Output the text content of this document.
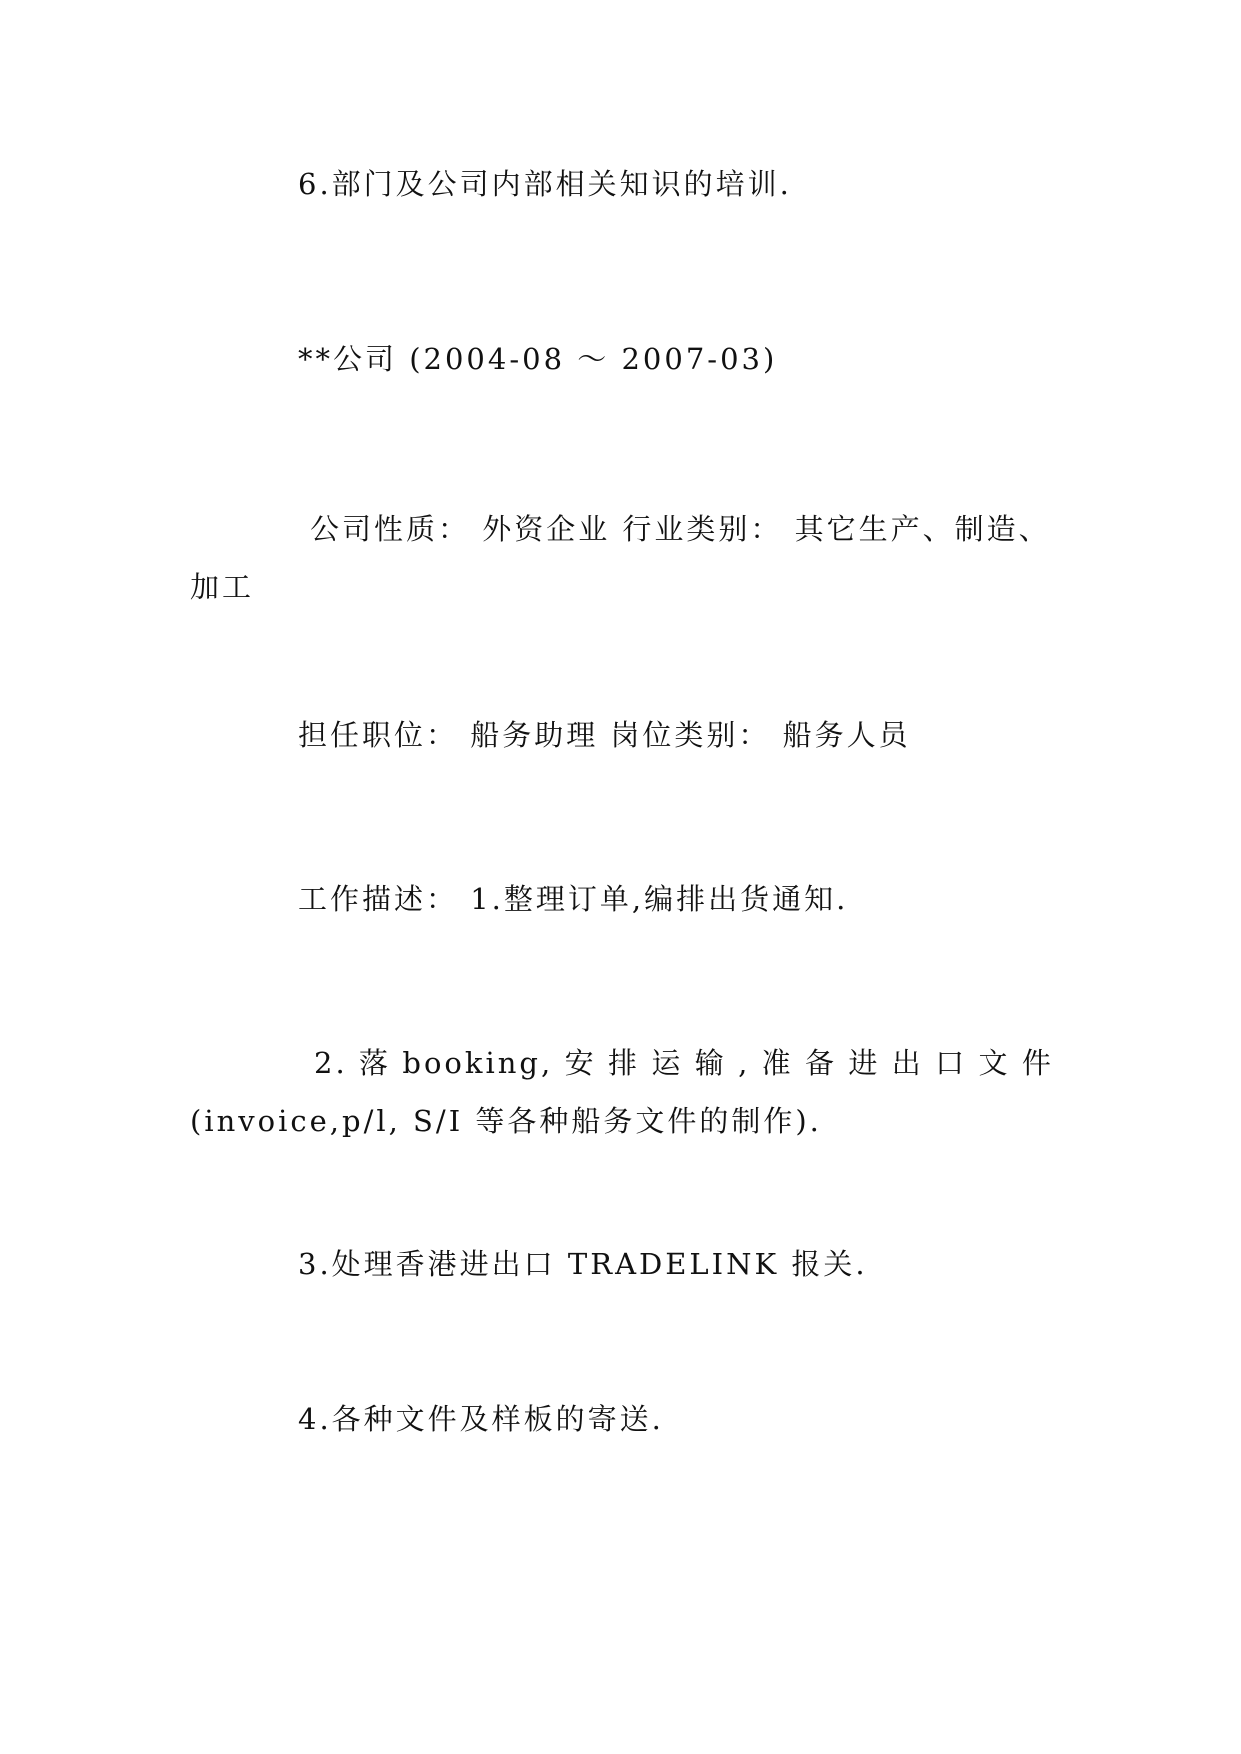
6.部门及公司内部相关知识的培训.

**公司 (2004-08 ～ 2007-03)

公司性质： 外资企业 行业类别： 其它生产、制造、
加工

担任职位： 船务助理 岗位类别： 船务人员

工作描述： 1.整理订单,编排出货通知.

2. 落 booking, 安 排 运 输 , 准 备 进 出 口 文 件
(invoice,p/l, S/I 等各种船务文件的制作).

3.处理香港进出口 TRADELINK 报关.

4.各种文件及样板的寄送.
